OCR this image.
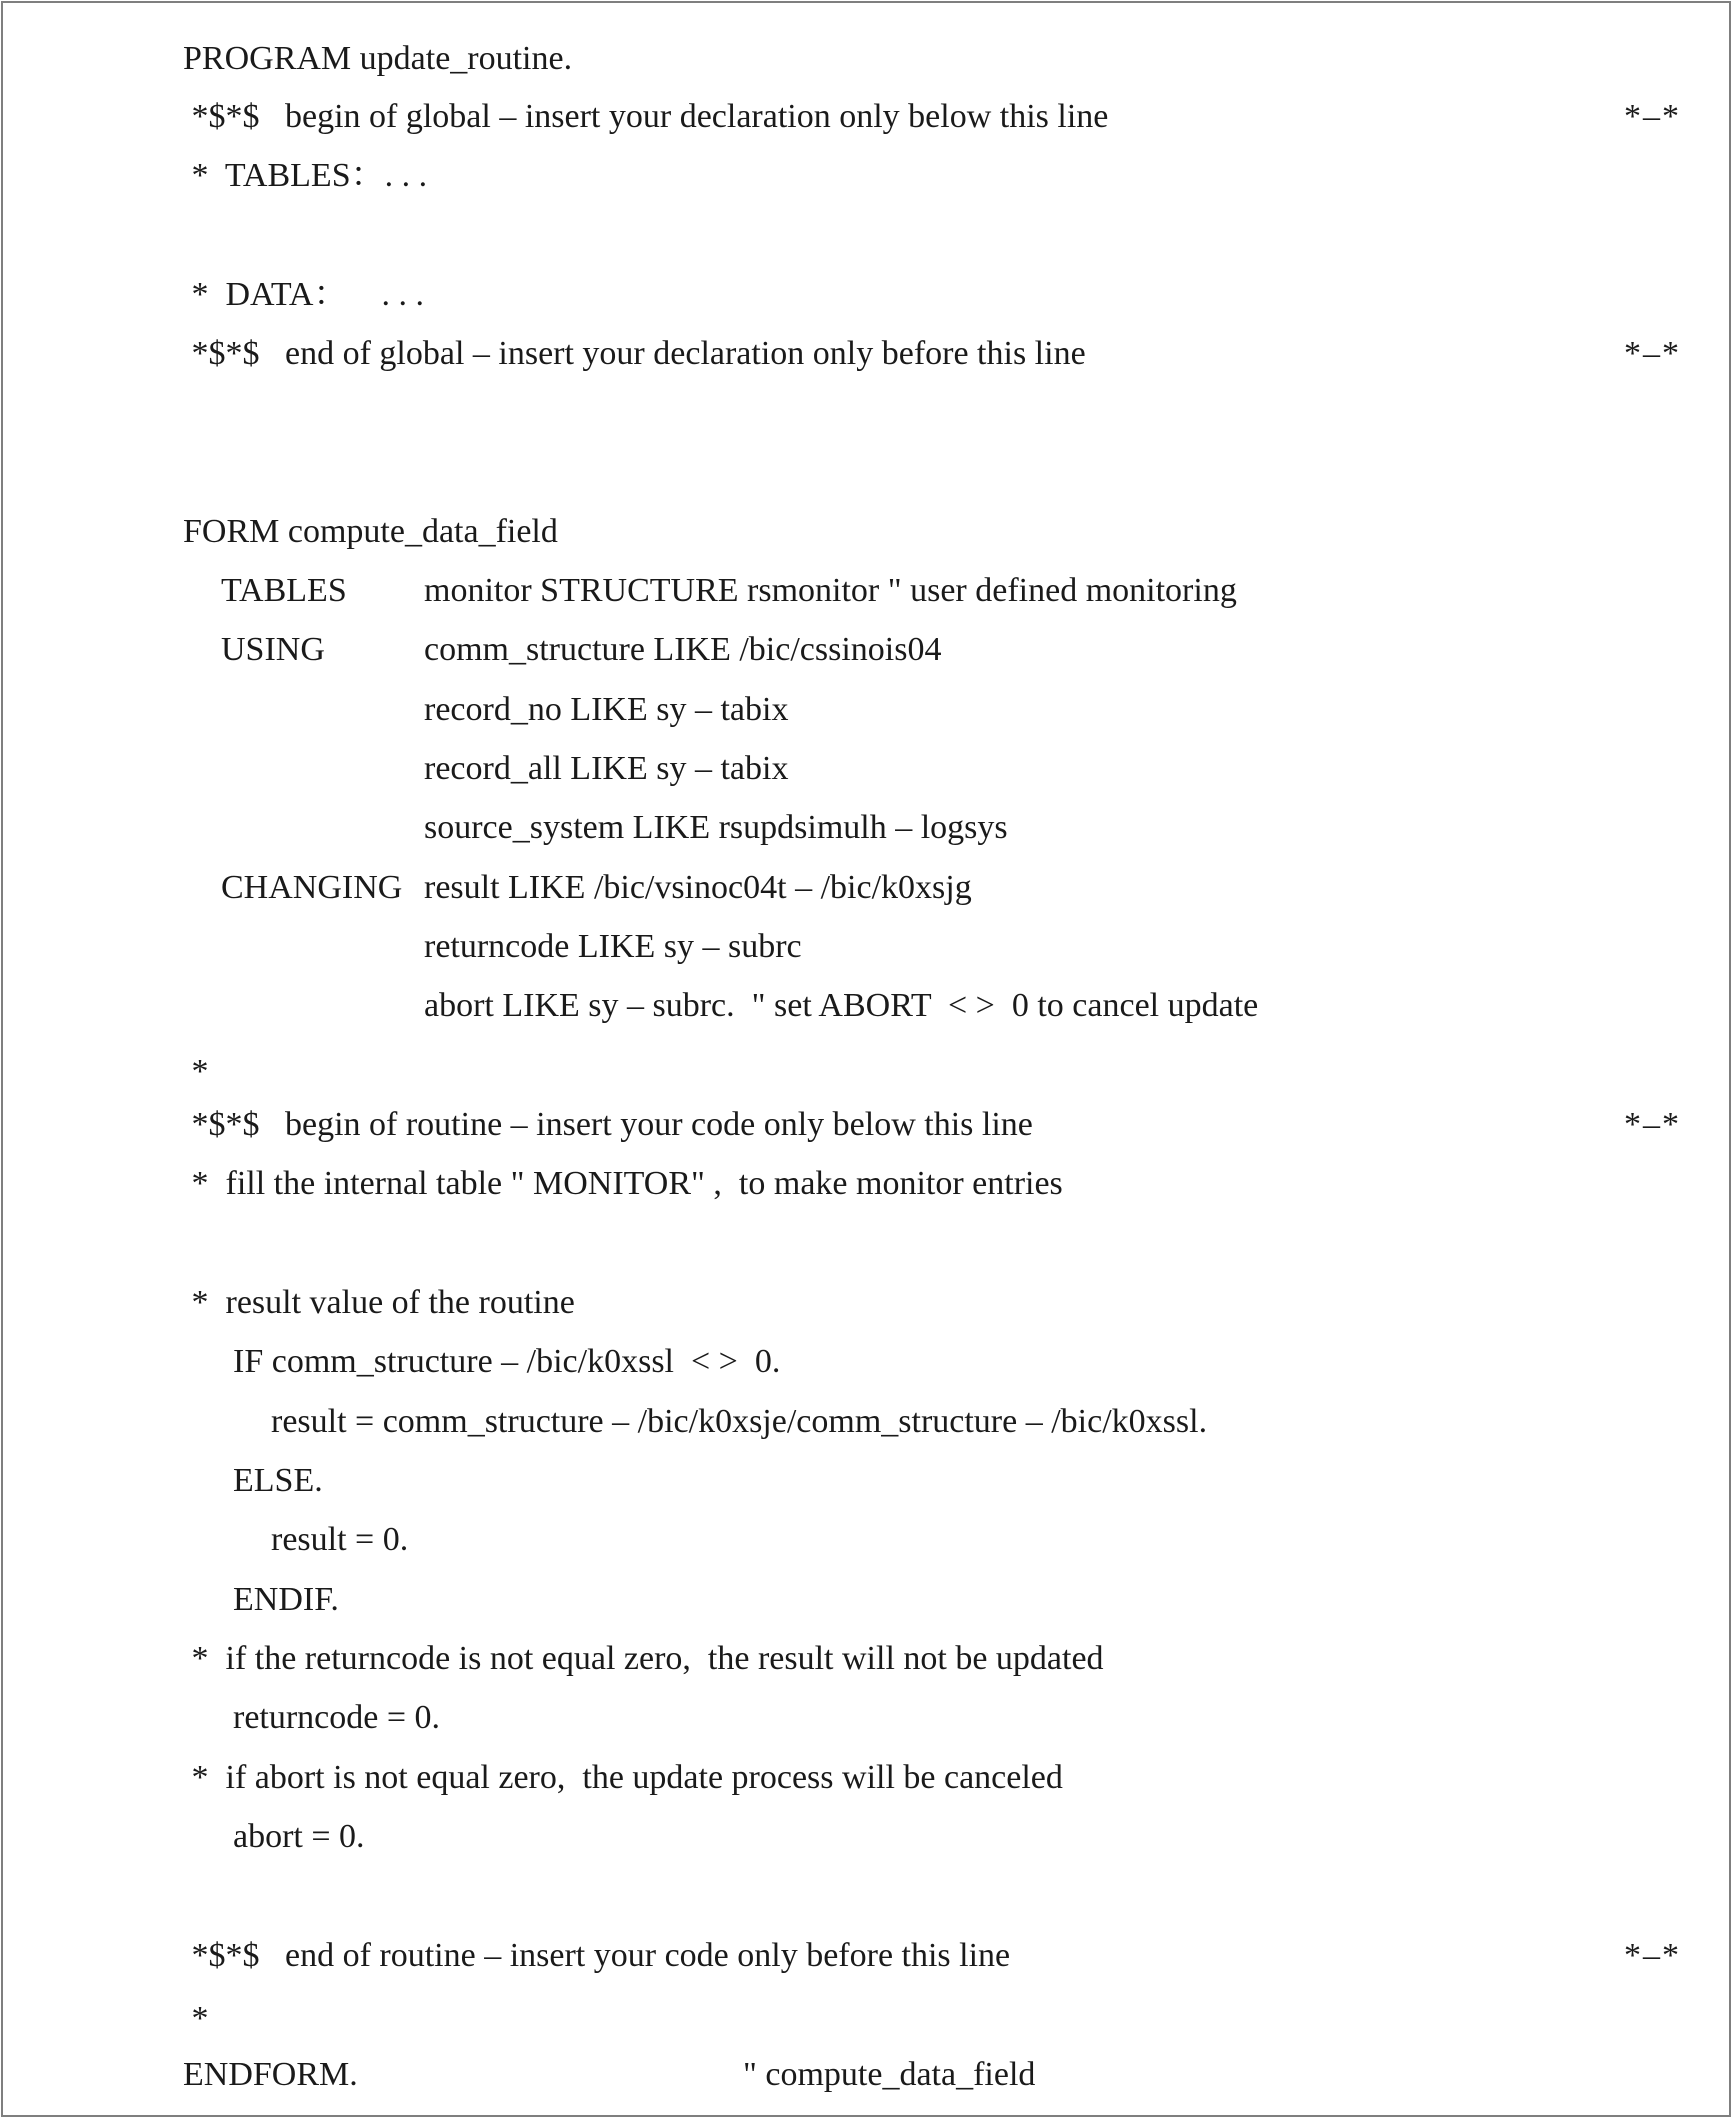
PROGRAM update_routine.
*$*$   begin of global – insert your declaration only below this line	*–*
*  TABLES：. . .
*  DATA：    . . .
*$*$   end of global – insert your declaration only before this line	*–*
FORM compute_data_field
TABLES monitor STRUCTURE rsmonitor " user defined monitoring
USING	comm_structure LIKE /bic/cssinois04
record_no LIKE sy – tabix
record_all LIKE sy – tabix
source_system LIKE rsupdsimulh – logsys
CHANGING result LIKE /bic/vsinoc04t – /bic/k0xsjg
returncode LIKE sy – subrc
abort LIKE sy – subrc.  " set ABORT  < >  0 to cancel update
*
*$*$   begin of routine – insert your code only below this line	*–*
*  fill the internal table " MONITOR" ,  to make monitor entries
*  result value of the routine
IF comm_structure – /bic/k0xssl  < >  0.
result = comm_structure – /bic/k0xsje/comm_structure – /bic/k0xssl.
ELSE.
result = 0.
ENDIF.
*  if the returncode is not equal zero,  the result will not be updated
returncode = 0.
*  if abort is not equal zero,  the update process will be canceled
abort = 0.
*$*$   end of routine – insert your code only before this line	*–*
*
ENDFORM.	" compute_data_field
